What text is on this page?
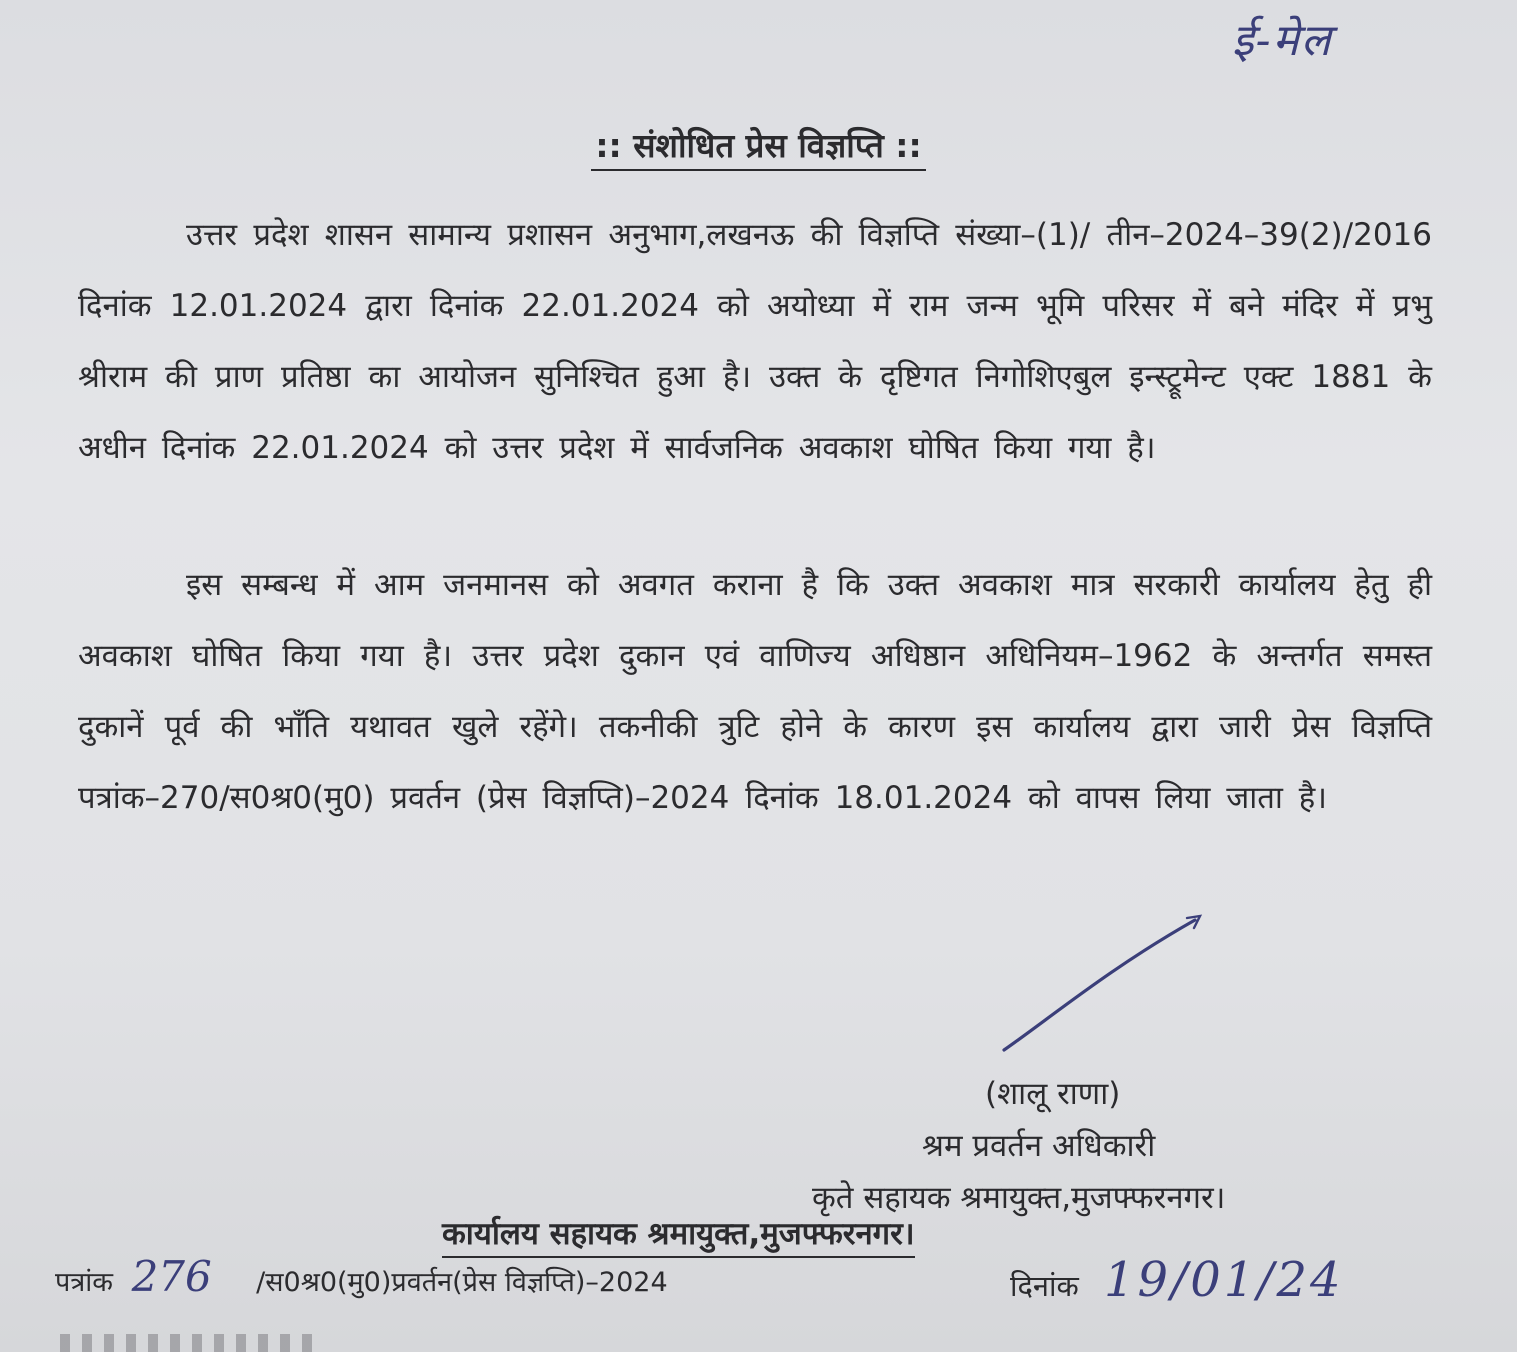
ई-मेल
:: संशोधित प्रेस विज्ञप्ति ::

उत्तर प्रदेश शासन सामान्य प्रशासन अनुभाग,लखनऊ की विज्ञप्ति संख्या–(1)/ तीन–2024–39(2)/2016 दिनांक 12.01.2024 द्वारा दिनांक 22.01.2024 को अयोध्या में राम जन्म भूमि परिसर में बने मंदिर में प्रभु श्रीराम की प्राण प्रतिष्ठा का आयोजन सुनिश्चित हुआ है। उक्त के दृष्टिगत निगोशिएबुल इन्स्ट्रूमेन्ट एक्ट 1881 के अधीन दिनांक 22.01.2024 को उत्तर प्रदेश में सार्वजनिक अवकाश घोषित किया गया है।

इस सम्बन्ध में आम जनमानस को अवगत कराना है कि उक्त अवकाश मात्र सरकारी कार्यालय हेतु ही अवकाश घोषित किया गया है। उत्तर प्रदेश दुकान एवं वाणिज्य अधिष्ठान अधिनियम–1962 के अन्तर्गत समस्त दुकानें पूर्व की भाँति यथावत खुले रहेंगे। तकनीकी त्रुटि होने के कारण इस कार्यालय द्वारा जारी प्रेस विज्ञप्ति पत्रांक–270/स0श्र0(मु0) प्रवर्तन (प्रेस विज्ञप्ति)–2024 दिनांक 18.01.2024 को वापस लिया जाता है।

(शालू राणा)
श्रम प्रवर्तन अधिकारी
कृते सहायक श्रमायुक्त,मुजफ्फरनगर।
कार्यालय सहायक श्रमायुक्त,मुजफ्फरनगर।
पत्रांक 276 /स0श्र0(मु0)प्रवर्तन(प्रेस विज्ञप्ति)–2024	दिनांक 19/01/24
